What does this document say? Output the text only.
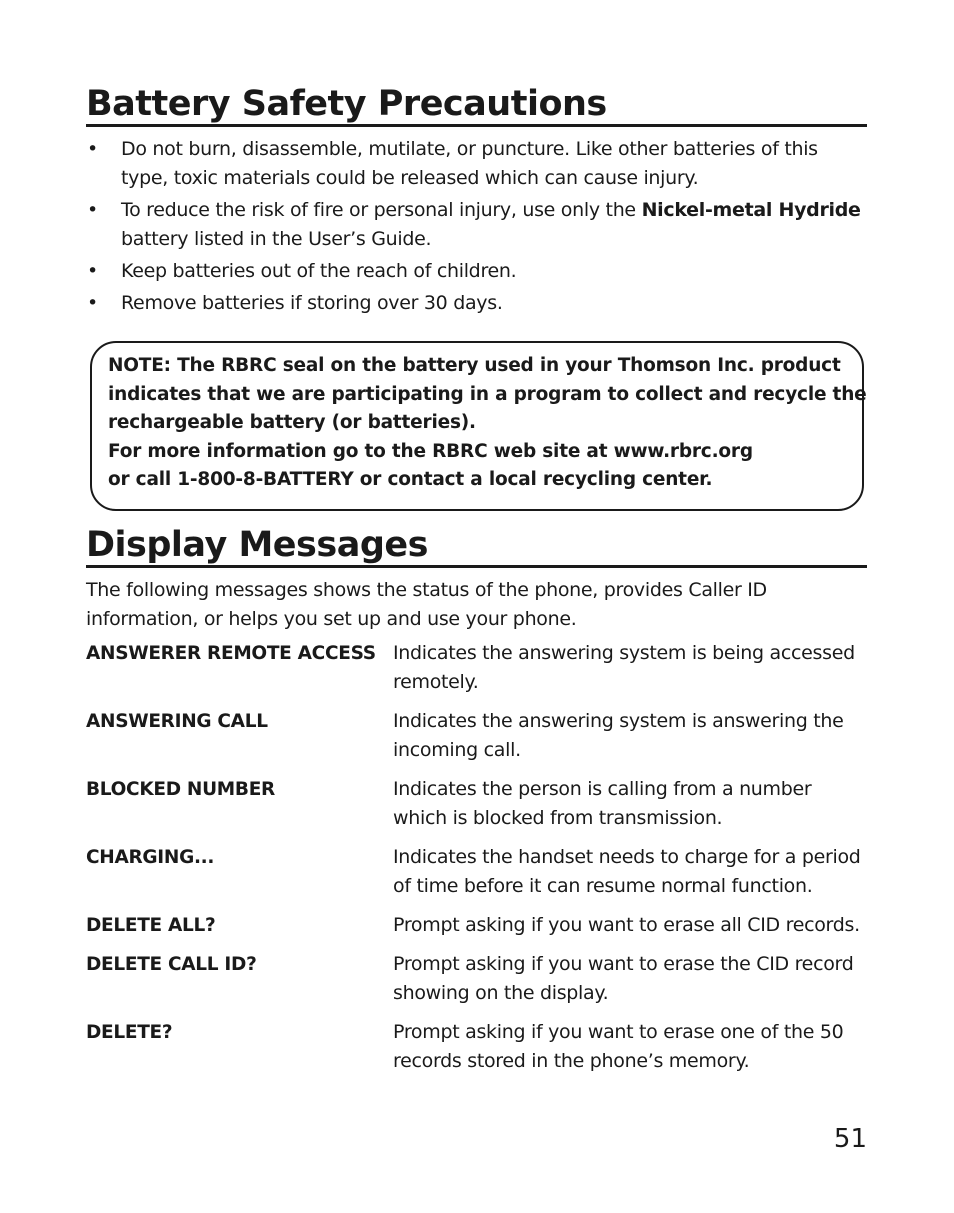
Battery Safety Precautions
• Do not burn, disassemble, mutilate, or puncture. Like other batteries of this type, toxic materials could be released which can cause injury.
• To reduce the risk of fire or personal injury, use only the Nickel-metal Hydride battery listed in the User’s Guide.
• Keep batteries out of the reach of children.
• Remove batteries if storing over 30 days.
NOTE: The RBRC seal on the battery used in your Thomson Inc. product
indicates that we are participating in a program to collect and recycle the
rechargeable battery (or batteries).
For more information go to the RBRC web site at www.rbrc.org
or call 1-800-8-BATTERY or contact a local recycling center.
Display Messages

The following messages shows the status of the phone, provides Caller ID information, or helps you set up and use your phone.

ANSWERER REMOTE ACCESS Indicates the answering system is being accessed remotely.
ANSWERING CALL	Indicates the answering system is answering the incoming call.
BLOCKED NUMBER	Indicates the person is calling from a number which is blocked from transmission.
CHARGING...	Indicates the handset needs to charge for a period of time before it can resume normal function.
DELETE ALL?	Prompt asking if you want to erase all CID records.
DELETE CALL ID?	Prompt asking if you want to erase the CID record showing on the display.
DELETE?	Prompt asking if you want to erase one of the 50 records stored in the phone’s memory.
51
